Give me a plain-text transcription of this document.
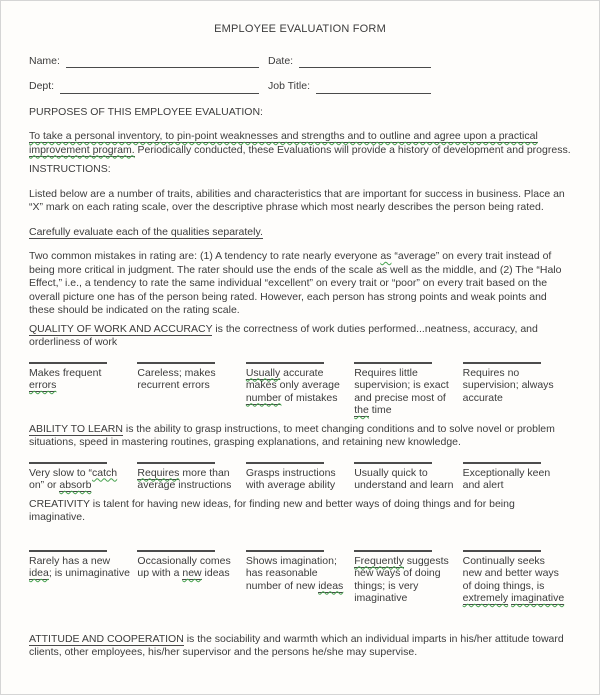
EMPLOYEE EVALUATION FORM
Name:	Date:
Dept:	Job Title:

PURPOSES OF THIS EMPLOYEE EVALUATION:

To take a personal inventory, to pin-point weaknesses and strengths and to outline and agree upon a practical improvement program. Periodically conducted, these Evaluations will provide a history of development and progress.

INSTRUCTIONS:

Listed below are a number of traits, abilities and characteristics that are important for success in business. Place an “X” mark on each rating scale, over the descriptive phrase which most nearly describes the person being rated.

Carefully evaluate each of the qualities separately.

Two common mistakes in rating are: (1) A tendency to rate nearly everyone as “average” on every trait instead of being more critical in judgment. The rater should use the ends of the scale as well as the middle, and (2) The “Halo Effect,” i.e., a tendency to rate the same individual “excellent” on every trait or “poor” on every trait based on the overall picture one has of the person being rated. However, each person has strong points and weak points and these should be indicated on the rating scale.

QUALITY OF WORK AND ACCURACY is the correctness of work duties performed...neatness, accuracy, and orderliness of work

Makes frequent errors
Careless; makes recurrent errors
Usually accurate makes only average number of mistakes
Requires little supervision; is exact and precise most of the time
Requires no supervision; always accurate

ABILITY TO LEARN is the ability to grasp instructions, to meet changing conditions and to solve novel or problem situations, speed in mastering routines, grasping explanations, and retaining new knowledge.

Very slow to “catch on” or absorb
Requires more than average instructions
Grasps instructions with average ability
Usually quick to understand and learn
Exceptionally keen and alert

CREATIVITY is talent for having new ideas, for finding new and better ways of doing things and for being imaginative.

Rarely has a new idea; is unimaginative
Occasionally comes up with a new ideas
Shows imagination; has reasonable number of new ideas
Frequently suggests new ways of doing things; is very imaginative
Continually seeks new and better ways of doing things, is extremely imaginative

ATTITUDE AND COOPERATION is the sociability and warmth which an individual imparts in his/her attitude toward clients, other employees, his/her supervisor and the persons he/she may supervise.
